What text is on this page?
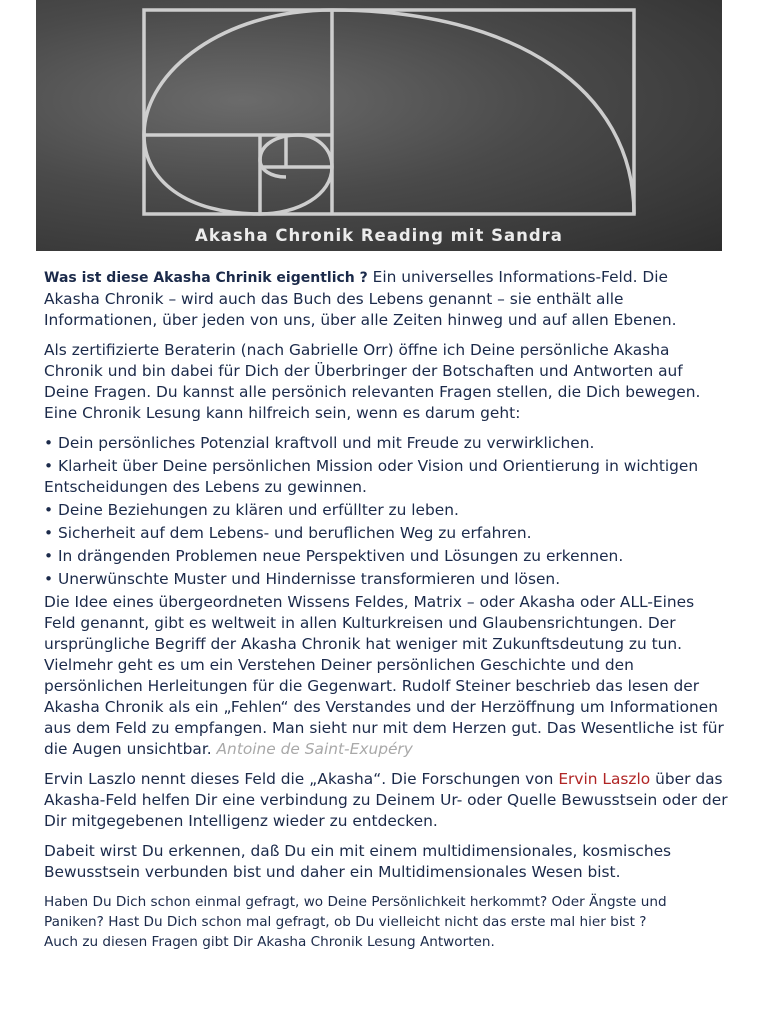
Akasha Chronik Reading mit Sandra

Was ist diese Akasha Chrinik eigentlich ? Ein universelles Informations-Feld. Die Akasha Chronik – wird auch das Buch des Lebens genannt – sie enthält alle Informationen, über jeden von uns, über alle Zeiten hinweg und auf allen Ebenen.

Als zertifizierte Beraterin (nach Gabrielle Orr) öffne ich Deine persönliche Akasha Chronik und bin dabei für Dich der Überbringer der Botschaften und Antworten auf Deine Fragen. Du kannst alle persönich relevanten Fragen stellen, die Dich bewegen. Eine Chronik Lesung kann hilfreich sein, wenn es darum geht:

• Dein persönliches Potenzial kraftvoll und mit Freude zu verwirklichen.
• Klarheit über Deine persönlichen Mission oder Vision und Orientierung in wichtigen Entscheidungen des Lebens zu gewinnen.
• Deine Beziehungen zu klären und erfüllter zu leben.
• Sicherheit auf dem Lebens- und beruflichen Weg zu erfahren.
• In drängenden Problemen neue Perspektiven und Lösungen zu erkennen.
• Unerwünschte Muster und Hindernisse transformieren und lösen.

Die Idee eines übergeordneten Wissens Feldes, Matrix – oder Akasha oder ALL-Eines Feld genannt, gibt es weltweit in allen Kulturkreisen und Glaubensrichtungen. Der ursprüngliche Begriff der Akasha Chronik hat weniger mit Zukunftsdeutung zu tun. Vielmehr geht es um ein Verstehen Deiner persönlichen Geschichte und den persönlichen Herleitungen für die Gegenwart. Rudolf Steiner beschrieb das lesen der Akasha Chronik als ein „Fehlen“ des Verstandes und der Herzöffnung um Informationen aus dem Feld zu empfangen. Man sieht nur mit dem Herzen gut. Das Wesentliche ist für die Augen unsichtbar. Antoine de Saint-Exupéry

Ervin Laszlo nennt dieses Feld die „Akasha“. Die Forschungen von Ervin Laszlo über das Akasha-Feld helfen Dir eine verbindung zu Deinem Ur- oder Quelle Bewusstsein oder der Dir mitgegebenen Intelligenz wieder zu entdecken.

Dabeit wirst Du erkennen, daß Du ein mit einem multidimensionales, kosmisches Bewusstsein verbunden bist und daher ein Multidimensionales Wesen bist.

Haben Du Dich schon einmal gefragt, wo Deine Persönlichkeit herkommt? Oder Ängste und Paniken? Hast Du Dich schon mal gefragt, ob Du vielleicht nicht das erste mal hier bist ?
Auch zu diesen Fragen gibt Dir Akasha Chronik Lesung Antworten.
